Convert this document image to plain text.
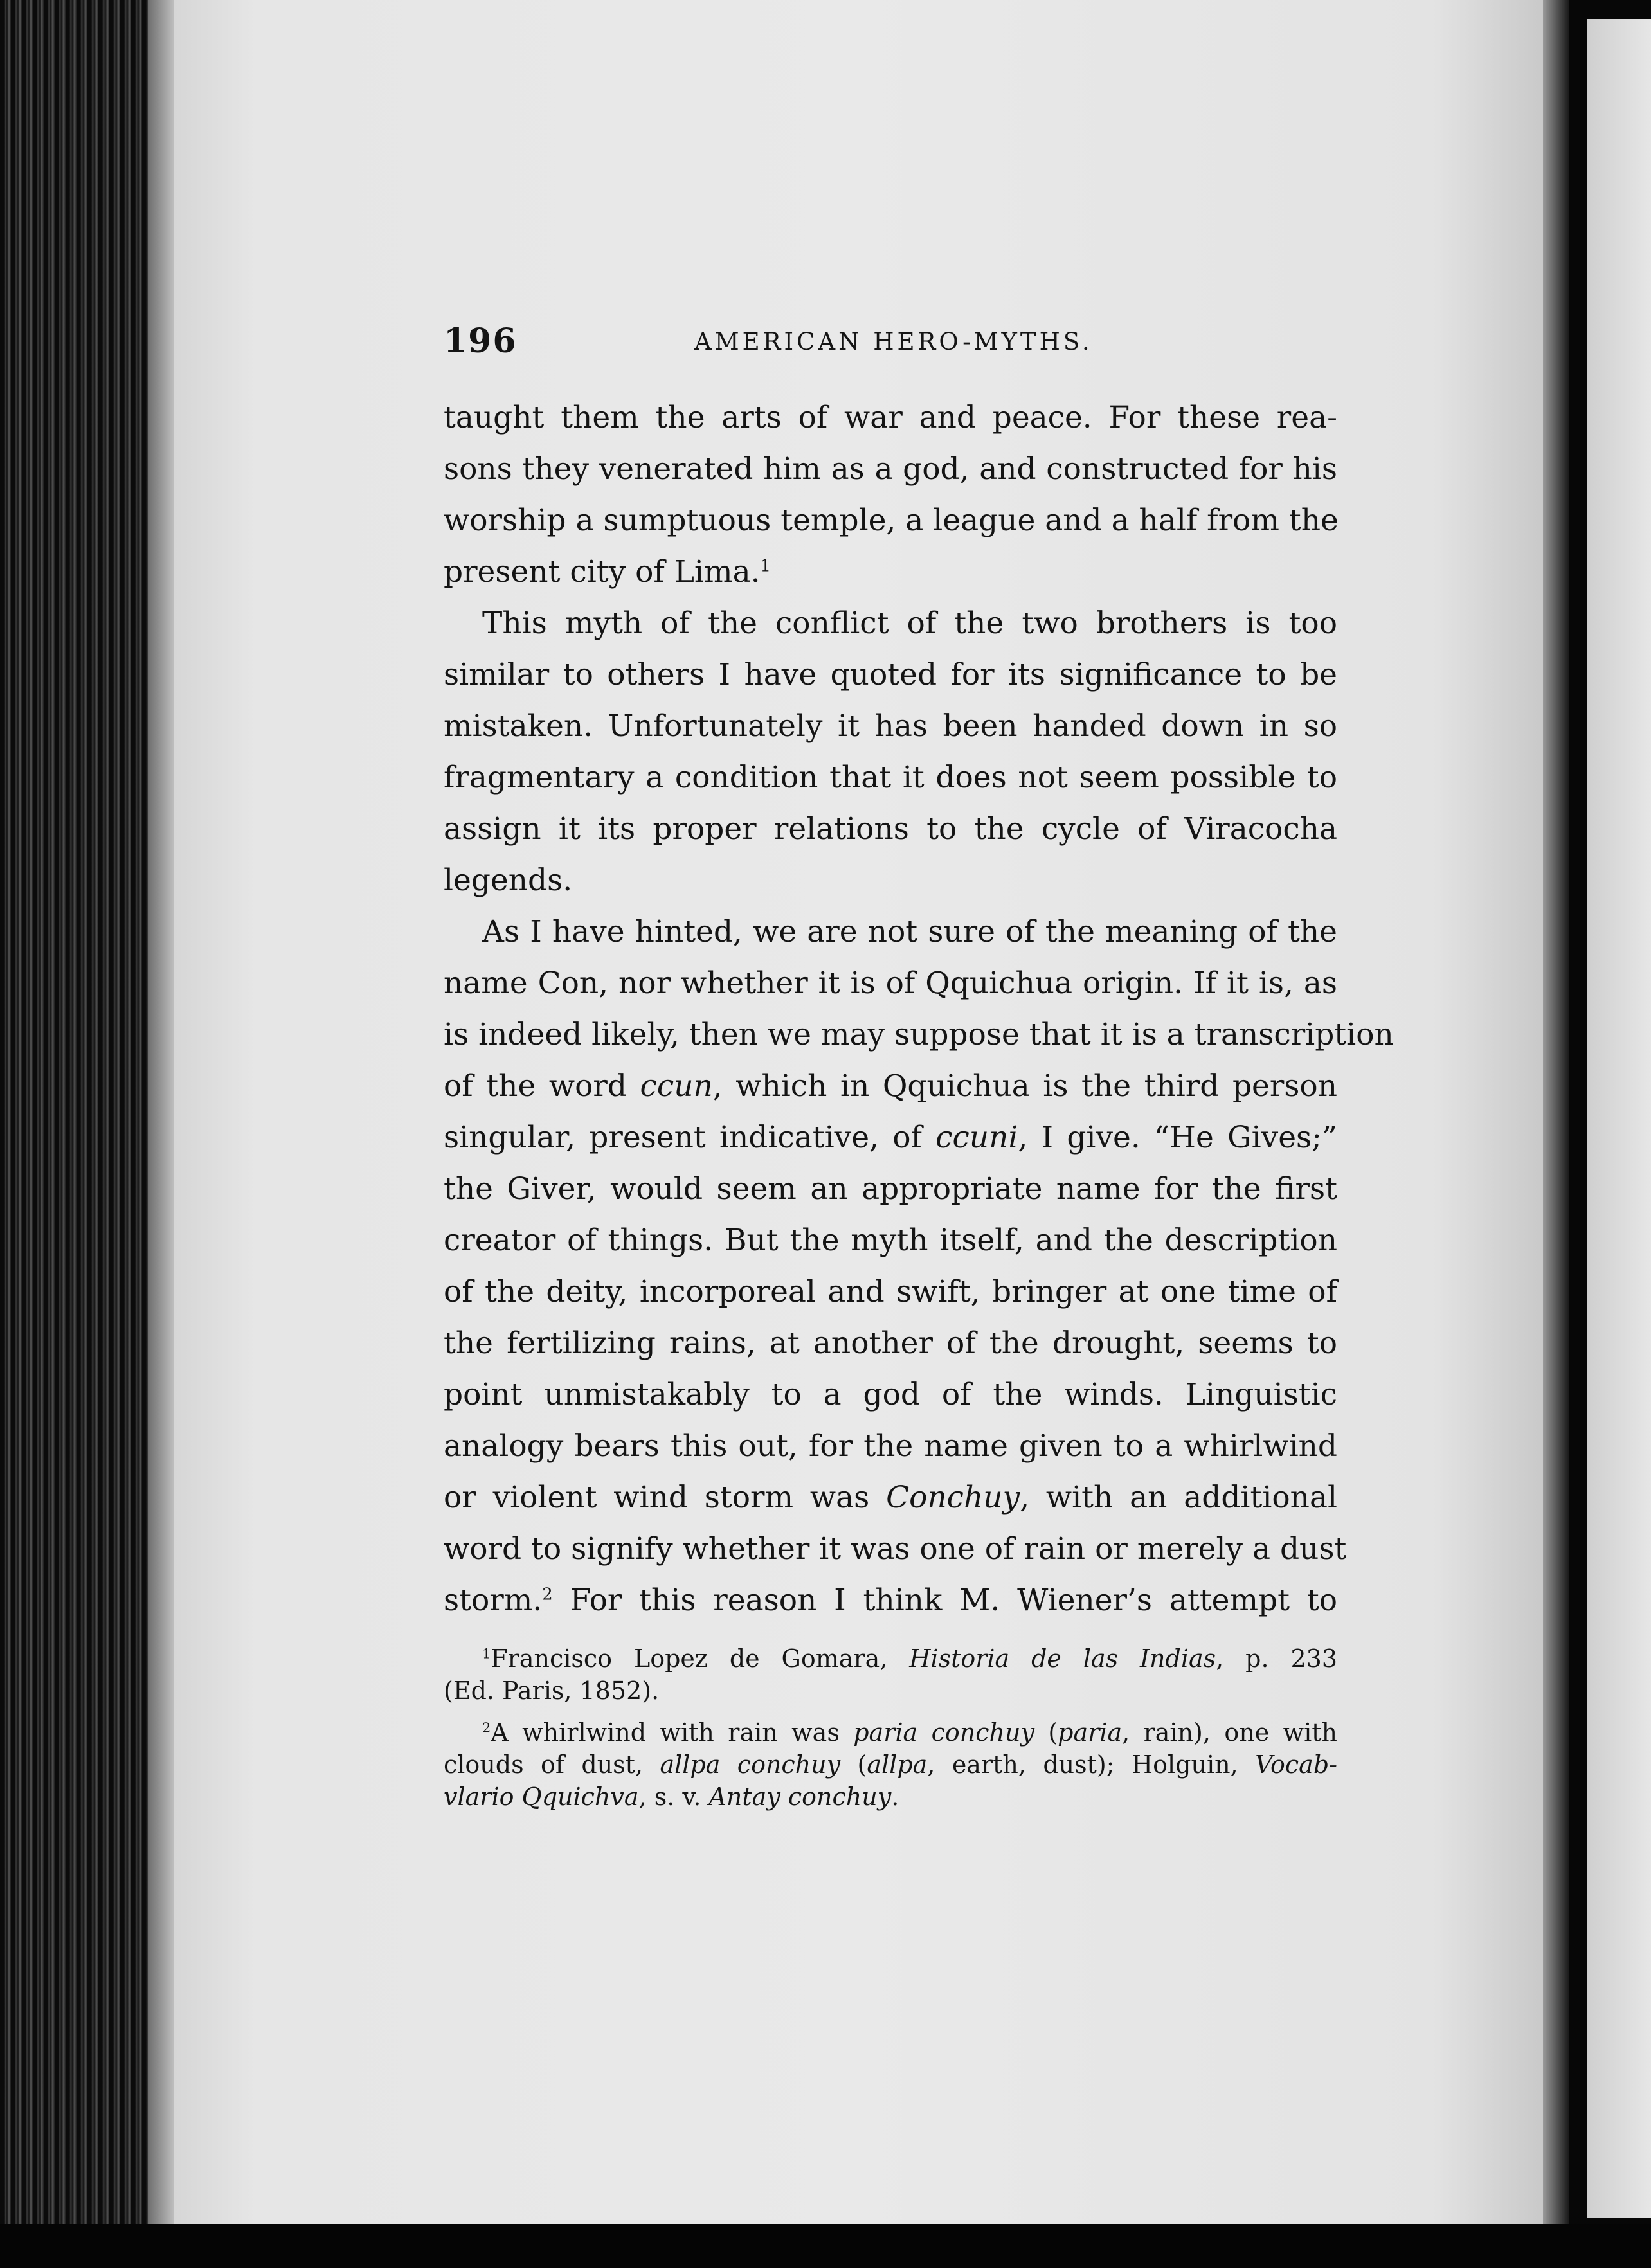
196	AMERICAN HERO-MYTHS.
taught them the arts of war and peace. For these rea-
sons they venerated him as a god, and constructed for his
worship a sumptuous temple, a league and a half from the
present city of Lima.$^1$
This myth of the conflict of the two brothers is too
similar to others I have quoted for its significance to be
mistaken. Unfortunately it has been handed down in so
fragmentary a condition that it does not seem possible to
assign it its proper relations to the cycle of Viracocha
legends.
As I have hinted, we are not sure of the meaning of the
name Con, nor whether it is of Qquichua origin. If it is, as
is indeed likely, then we may suppose that it is a transcription
of the word ccun, which in Qquichua is the third person
singular, present indicative, of ccuni, I give. “He Gives;”
the Giver, would seem an appropriate name for the first
creator of things. But the myth itself, and the description
of the deity, incorporeal and swift, bringer at one time of
the fertilizing rains, at another of the drought, seems to
point unmistakably to a god of the winds. Linguistic
analogy bears this out, for the name given to a whirlwind
or violent wind storm was Conchuy, with an additional
word to signify whether it was one of rain or merely a dust
storm.$^2$ For this reason I think M. Wiener’s attempt to
$^1$Francisco Lopez de Gomara, Historia de las Indias, p. 233
(Ed. Paris, 1852).
$^2$A whirlwind with rain was paria conchuy (paria, rain), one with
clouds of dust, allpa conchuy (allpa, earth, dust); Holguin, Vocab-
vlario Qquichva, s. v. Antay conchuy.
